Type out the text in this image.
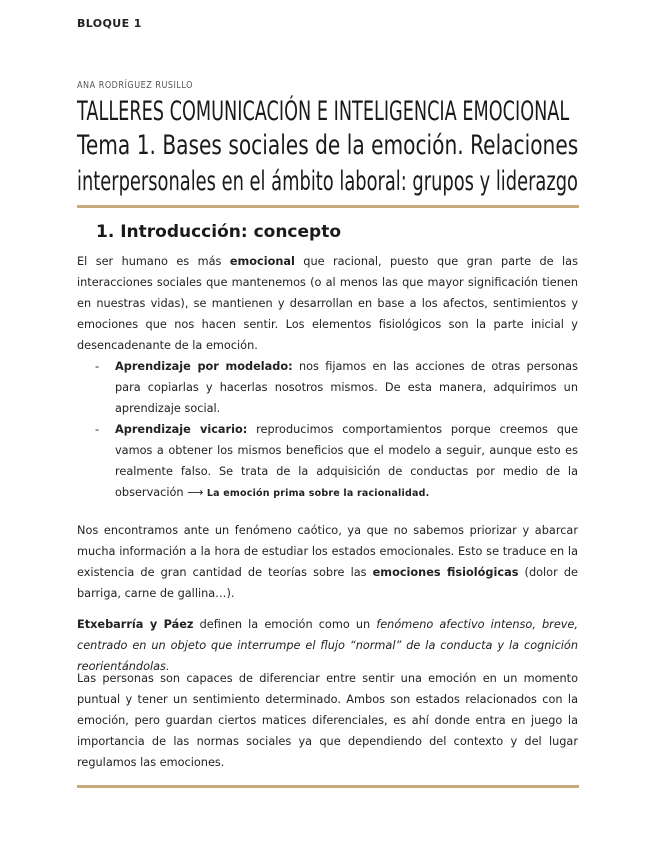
BLOQUE 1
ANA RODRÍGUEZ RUSILLO
TALLERES COMUNICACIÓN E INTELIGENCIA EMOCIONAL
Tema 1. Bases sociales de la emoción. Relaciones
interpersonales en el ámbito laboral: grupos y liderazgo
1. Introducción: concepto
El ser humano es más emocional que racional, puesto que gran parte de las interacciones sociales que mantenemos (o al menos las que mayor significación tienen en nuestras vidas), se mantienen y desarrollan en base a los afectos, sentimientos y emociones que nos hacen sentir. Los elementos fisiológicos son la parte inicial y desencadenante de la emoción.
- Aprendizaje por modelado: nos fijamos en las acciones de otras personas para copiarlas y hacerlas nosotros mismos. De esta manera, adquirimos un aprendizaje social.
- Aprendizaje vicario: reproducimos comportamientos porque creemos que vamos a obtener los mismos beneficios que el modelo a seguir, aunque esto es realmente falso. Se trata de la adquisición de conductas por medio de la observación ⟶ La emoción prima sobre la racionalidad.
Nos encontramos ante un fenómeno caótico, ya que no sabemos priorizar y abarcar mucha información a la hora de estudiar los estados emocionales. Esto se traduce en la existencia de gran cantidad de teorías sobre las emociones fisiológicas (dolor de barriga, carne de gallina…).
Etxebarría y Páez definen la emoción como un fenómeno afectivo intenso, breve, centrado en un objeto que interrumpe el flujo “normal” de la conducta y la cognición reorientándolas.
Las personas son capaces de diferenciar entre sentir una emoción en un momento puntual y tener un sentimiento determinado. Ambos son estados relacionados con la emoción, pero guardan ciertos matices diferenciales, es ahí donde entra en juego la importancia de las normas sociales ya que dependiendo del contexto y del lugar regulamos las emociones.
